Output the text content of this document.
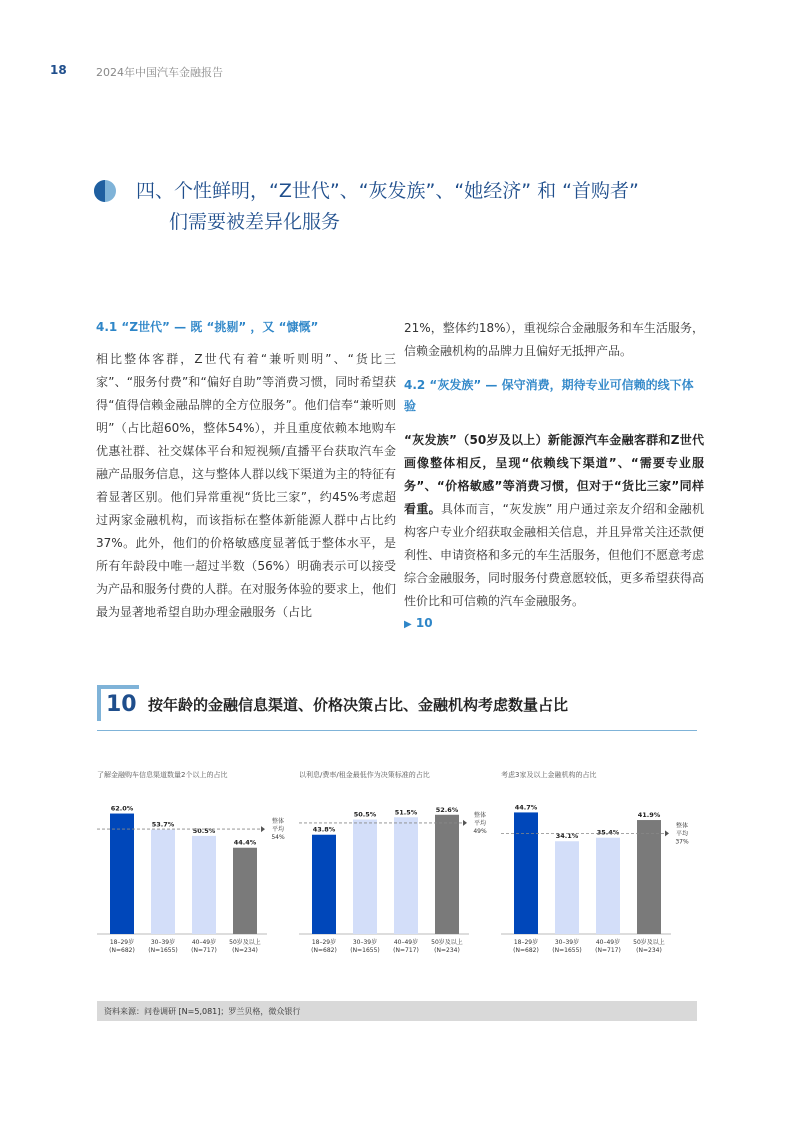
18	2024年中国汽车金融报告
四、个性鲜明，“Z世代”、“灰发族”、“她经济” 和 “首购者”
们需要被差异化服务
4.1 “Z世代” — 既 “挑剔” ，又 “慷慨”

相比整体客群，Z世代有着“兼听则明”、“货比三家”、“服务付费”和“偏好自助”等消费习惯，同时希望获得“值得信赖金融品牌的全方位服务”。他们信奉“兼听则明”（占比超60%，整体54%），并且重度依赖本地购车优惠社群、社交媒体平台和短视频/直播平台获取汽车金融产品服务信息，这与整体人群以线下渠道为主的特征有着显著区别。他们异常重视“货比三家”，约45%考虑超过两家金融机构，而该指标在整体新能源人群中占比约37%。此外，他们的价格敏感度显著低于整体水平，是所有年龄段中唯一超过半数（56%）明确表示可以接受为产品和服务付费的人群。在对服务体验的要求上，他们最为显著地希望自助办理金融服务（占比

21%，整体约18%），重视综合金融服务和车生活服务，信赖金融机构的品牌力且偏好无抵押产品。

4.2 “灰发族” — 保守消费，期待专业可信赖的线下体验

“灰发族”（50岁及以上）新能源汽车金融客群和Z世代画像整体相反，呈现“依赖线下渠道”、“需要专业服务”、“价格敏感”等消费习惯，但对于“货比三家”同样看重。具体而言，“灰发族” 用户通过亲友介绍和金融机构客户专业介绍获取金融相关信息，并且异常关注还款便利性、申请资格和多元的车生活服务，但他们不愿意考虑综合金融服务，同时服务付费意愿较低，更多希望获得高性价比和可信赖的汽车金融服务。

▶ 10
10 按年龄的金融信息渠道、价格决策占比、金融机构考虑数量占比
了解金融购车信息渠道数量2个以上的占比
62.0%
18–29岁
(N=682)
53.7%
30–39岁
(N=1655)
50.5%
40–49岁
(N=717)
44.4%
50岁及以上
(N=234)
整体
平均
54%
以利息/费率/租金最低作为决策标准的占比
43.8%
18–29岁
(N=682)
50.5%
30–39岁
(N=1655)
51.5%
40–49岁
(N=717)
52.6%
50岁及以上
(N=234)
整体
平均
49%
考虑3家及以上金融机构的占比
44.7%
18–29岁
(N=682)
34.1%
30–39岁
(N=1655)
35.4%
40–49岁
(N=717)
41.9%
50岁及以上
(N=234)
整体
平均
37%
资料来源：问卷调研 [N=5,081]；罗兰贝格，微众银行
